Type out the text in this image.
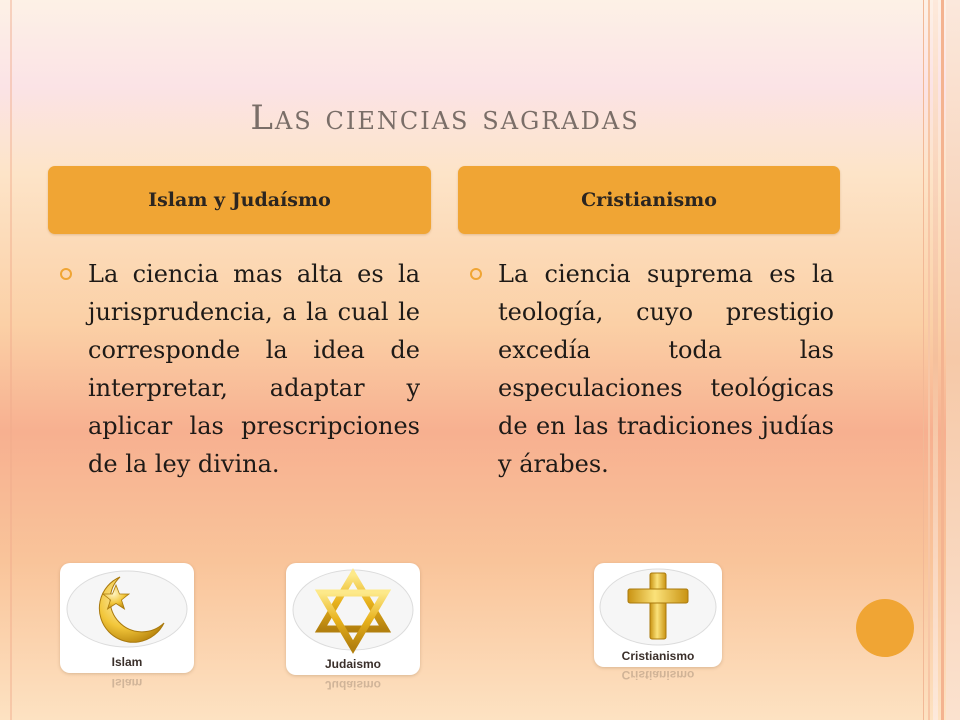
Las ciencias sagradas
Islam y Judaísmo	Cristianismo

La ciencia mas alta es la jurisprudencia, a la cual le corresponde la idea de interpretar, adaptar y aplicar las prescripciones de la ley divina.

La ciencia suprema es la teología, cuyo prestigio excedía toda las especulaciones teológicas de en las tradiciones judías y árabes.

Islam
Islam
Judaismo
Judaismo
Cristianismo
Cristianismo
